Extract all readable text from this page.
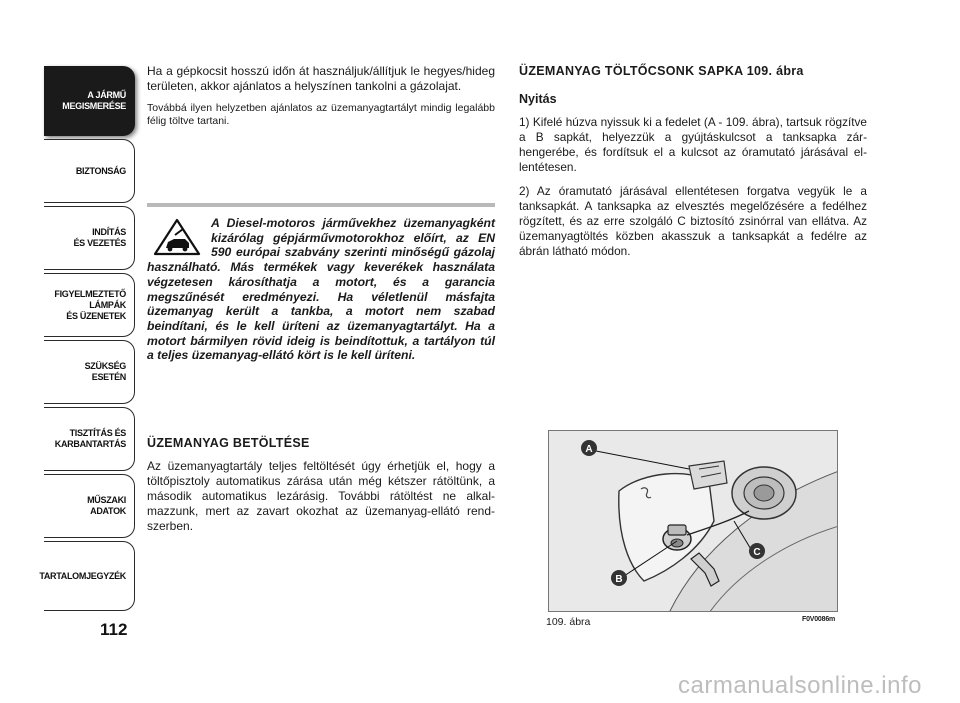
A JÁRMŰ
MEGISMERÉSE
BIZTONSÁG
INDÍTÁS
ÉS VEZETÉS
FIGYELMEZTETŐ
LÁMPÁK
ÉS ÜZENETEK
SZÜKSÉG
ESETÉN
TISZTÍTÁS ÉS
KARBANTARTÁS
MŰSZAKI
ADATOK
TARTALOMJEGYZÉK
112

Ha a gépkocsit hosszú időn át használjuk/állítjuk le hegyes/hideg területen, akkor ajánlatos a helyszínen tankolni a gázolajat.

Továbbá ilyen helyzetben ajánlatos az üzemanyagtartályt mindig legalább félig töltve tartani.

A Diesel-motoros járművekhez üzemanyagként kizárólag gépjárművmotorokhoz előírt, az EN 590 európai szabvány szerinti minőségű gázolaj használható. Más termékek vagy keverékek használata végzetesen károsíthatja a motort, és a garancia megszűnését eredményezi. Ha véletlenül másfajta üzemanyag került a tankba, a motort nem szabad beindítani, és le kell üríteni az üzemanyagtartályt. Ha a motort bármilyen rövid ideig is beindítottuk, a tartályon túl a teljes üzemanyag-ellátó kört is le kell üríteni.
ÜZEMANYAG BETÖLTÉSE

Az üzemanyagtartály teljes feltöltését úgy érhetjük el, hogy a töltőpisztoly automatikus zárása után még kétszer rátöltünk, a második automatikus lezárásig. További rátöltést ne alkalmazzunk, mert az zavart okozhat az üzemanyag-ellátó rendszerben.

ÜZEMANYAG TÖLTŐCSONK SAPKA 109. ábra
Nyitás

1) Kifelé húzva nyissuk ki a fedelet (A - 109. ábra), tartsuk rögzítve a B sapkát, helyezzük a gyújtáskulcsot a tanksapka zárhengerébe, és fordítsuk el a kulcsot az óramutató járásával ellentétesen.

2) Az óramutató járásával ellentétesen forgatva vegyük le a tanksapkát. A tanksapka az elvesztés megelőzésére a fedélhez rögzített, és az erre szolgáló C biztosító zsinórral van ellátva. Az üzemanyagtöltés közben akasszuk a tanksapkát a fedélre az ábrán látható módon.

A
B
C
109. ábra	F0V0086m
carmanualsonline.info
